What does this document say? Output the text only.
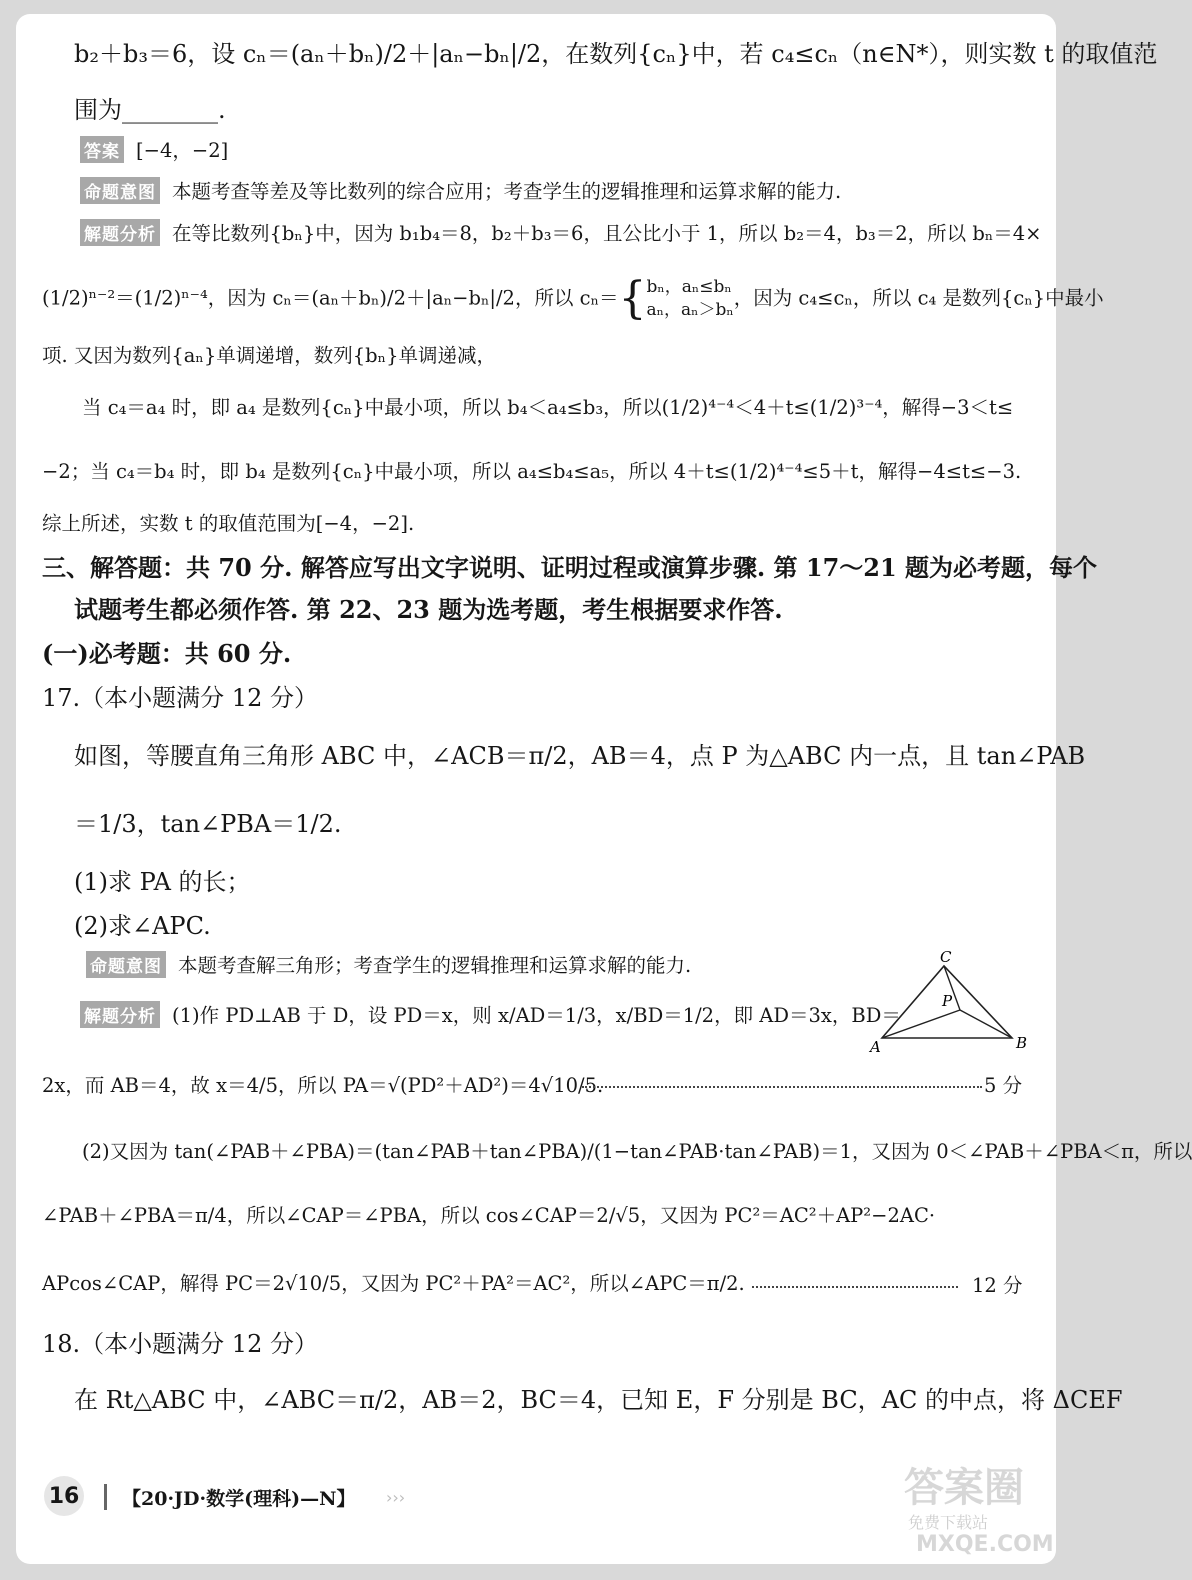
b₂＋b₃＝6，设 cₙ＝(aₙ＋bₙ)/2＋|aₙ−bₙ|/2，在数列{cₙ}中，若 c₄≤cₙ（n∈N*），则实数 t 的取值范
围为________.
答案 [−4，−2]
命题意图 本题考查等差及等比数列的综合应用；考查学生的逻辑推理和运算求解的能力.
解题分析 在等比数列{bₙ}中，因为 b₁b₄＝8，b₂＋b₃＝6，且公比小于 1，所以 b₂＝4，b₃＝2，所以 bₙ＝4×
(1/2)ⁿ⁻²＝(1/2)ⁿ⁻⁴，因为 cₙ＝(aₙ＋bₙ)/2＋|aₙ−bₙ|/2，所以 cₙ＝{ bₙ，aₙ≤bₙ
aₙ，aₙ＞bₙ
，因为 c₄≤cₙ，所以 c₄ 是数列{cₙ}中最小
项. 又因为数列{aₙ}单调递增，数列{bₙ}单调递减，
当 c₄＝a₄ 时，即 a₄ 是数列{cₙ}中最小项，所以 b₄＜a₄≤b₃，所以(1/2)⁴⁻⁴＜4＋t≤(1/2)³⁻⁴，解得−3＜t≤
−2；当 c₄＝b₄ 时，即 b₄ 是数列{cₙ}中最小项，所以 a₄≤b₄≤a₅，所以 4＋t≤(1/2)⁴⁻⁴≤5＋t，解得−4≤t≤−3.
综上所述，实数 t 的取值范围为[−4，−2].
三、解答题：共 70 分. 解答应写出文字说明、证明过程或演算步骤. 第 17～21 题为必考题，每个
试题考生都必须作答. 第 22、23 题为选考题，考生根据要求作答.
(一)必考题：共 60 分.
17.（本小题满分 12 分）
如图，等腰直角三角形 ABC 中，∠ACB＝π/2，AB＝4，点 P 为△ABC 内一点，且 tan∠PAB
＝1/3，tan∠PBA＝1/2.
(1)求 PA 的长；
(2)求∠APC.
命题意图 本题考查解三角形；考查学生的逻辑推理和运算求解的能力.
解题分析 (1)作 PD⊥AB 于 D，设 PD＝x，则 x/AD＝1/3，x/BD＝1/2，即 AD＝3x，BD＝
C
P
A	B
2x，而 AB＝4，故 x＝4/5，所以 PA＝√(PD²＋AD²)＝4√10/5.	5 分
(2)又因为 tan(∠PAB＋∠PBA)＝(tan∠PAB＋tan∠PBA)/(1−tan∠PAB·tan∠PAB)＝1，又因为 0＜∠PAB＋∠PBA＜π，所以
∠PAB＋∠PBA＝π/4，所以∠CAP＝∠PBA，所以 cos∠CAP＝2/√5，又因为 PC²＝AC²＋AP²−2AC·
APcos∠CAP，解得 PC＝2√10/5，又因为 PC²＋PA²＝AC²，所以∠APC＝π/2.	12 分
18.（本小题满分 12 分）
在 Rt△ABC 中，∠ABC＝π/2，AB＝2，BC＝4，已知 E，F 分别是 BC，AC 的中点，将 ΔCEF
16 【20·JD·数学(理科)—N】 ›››	答案圈
免费下载站
MXQE.COM
